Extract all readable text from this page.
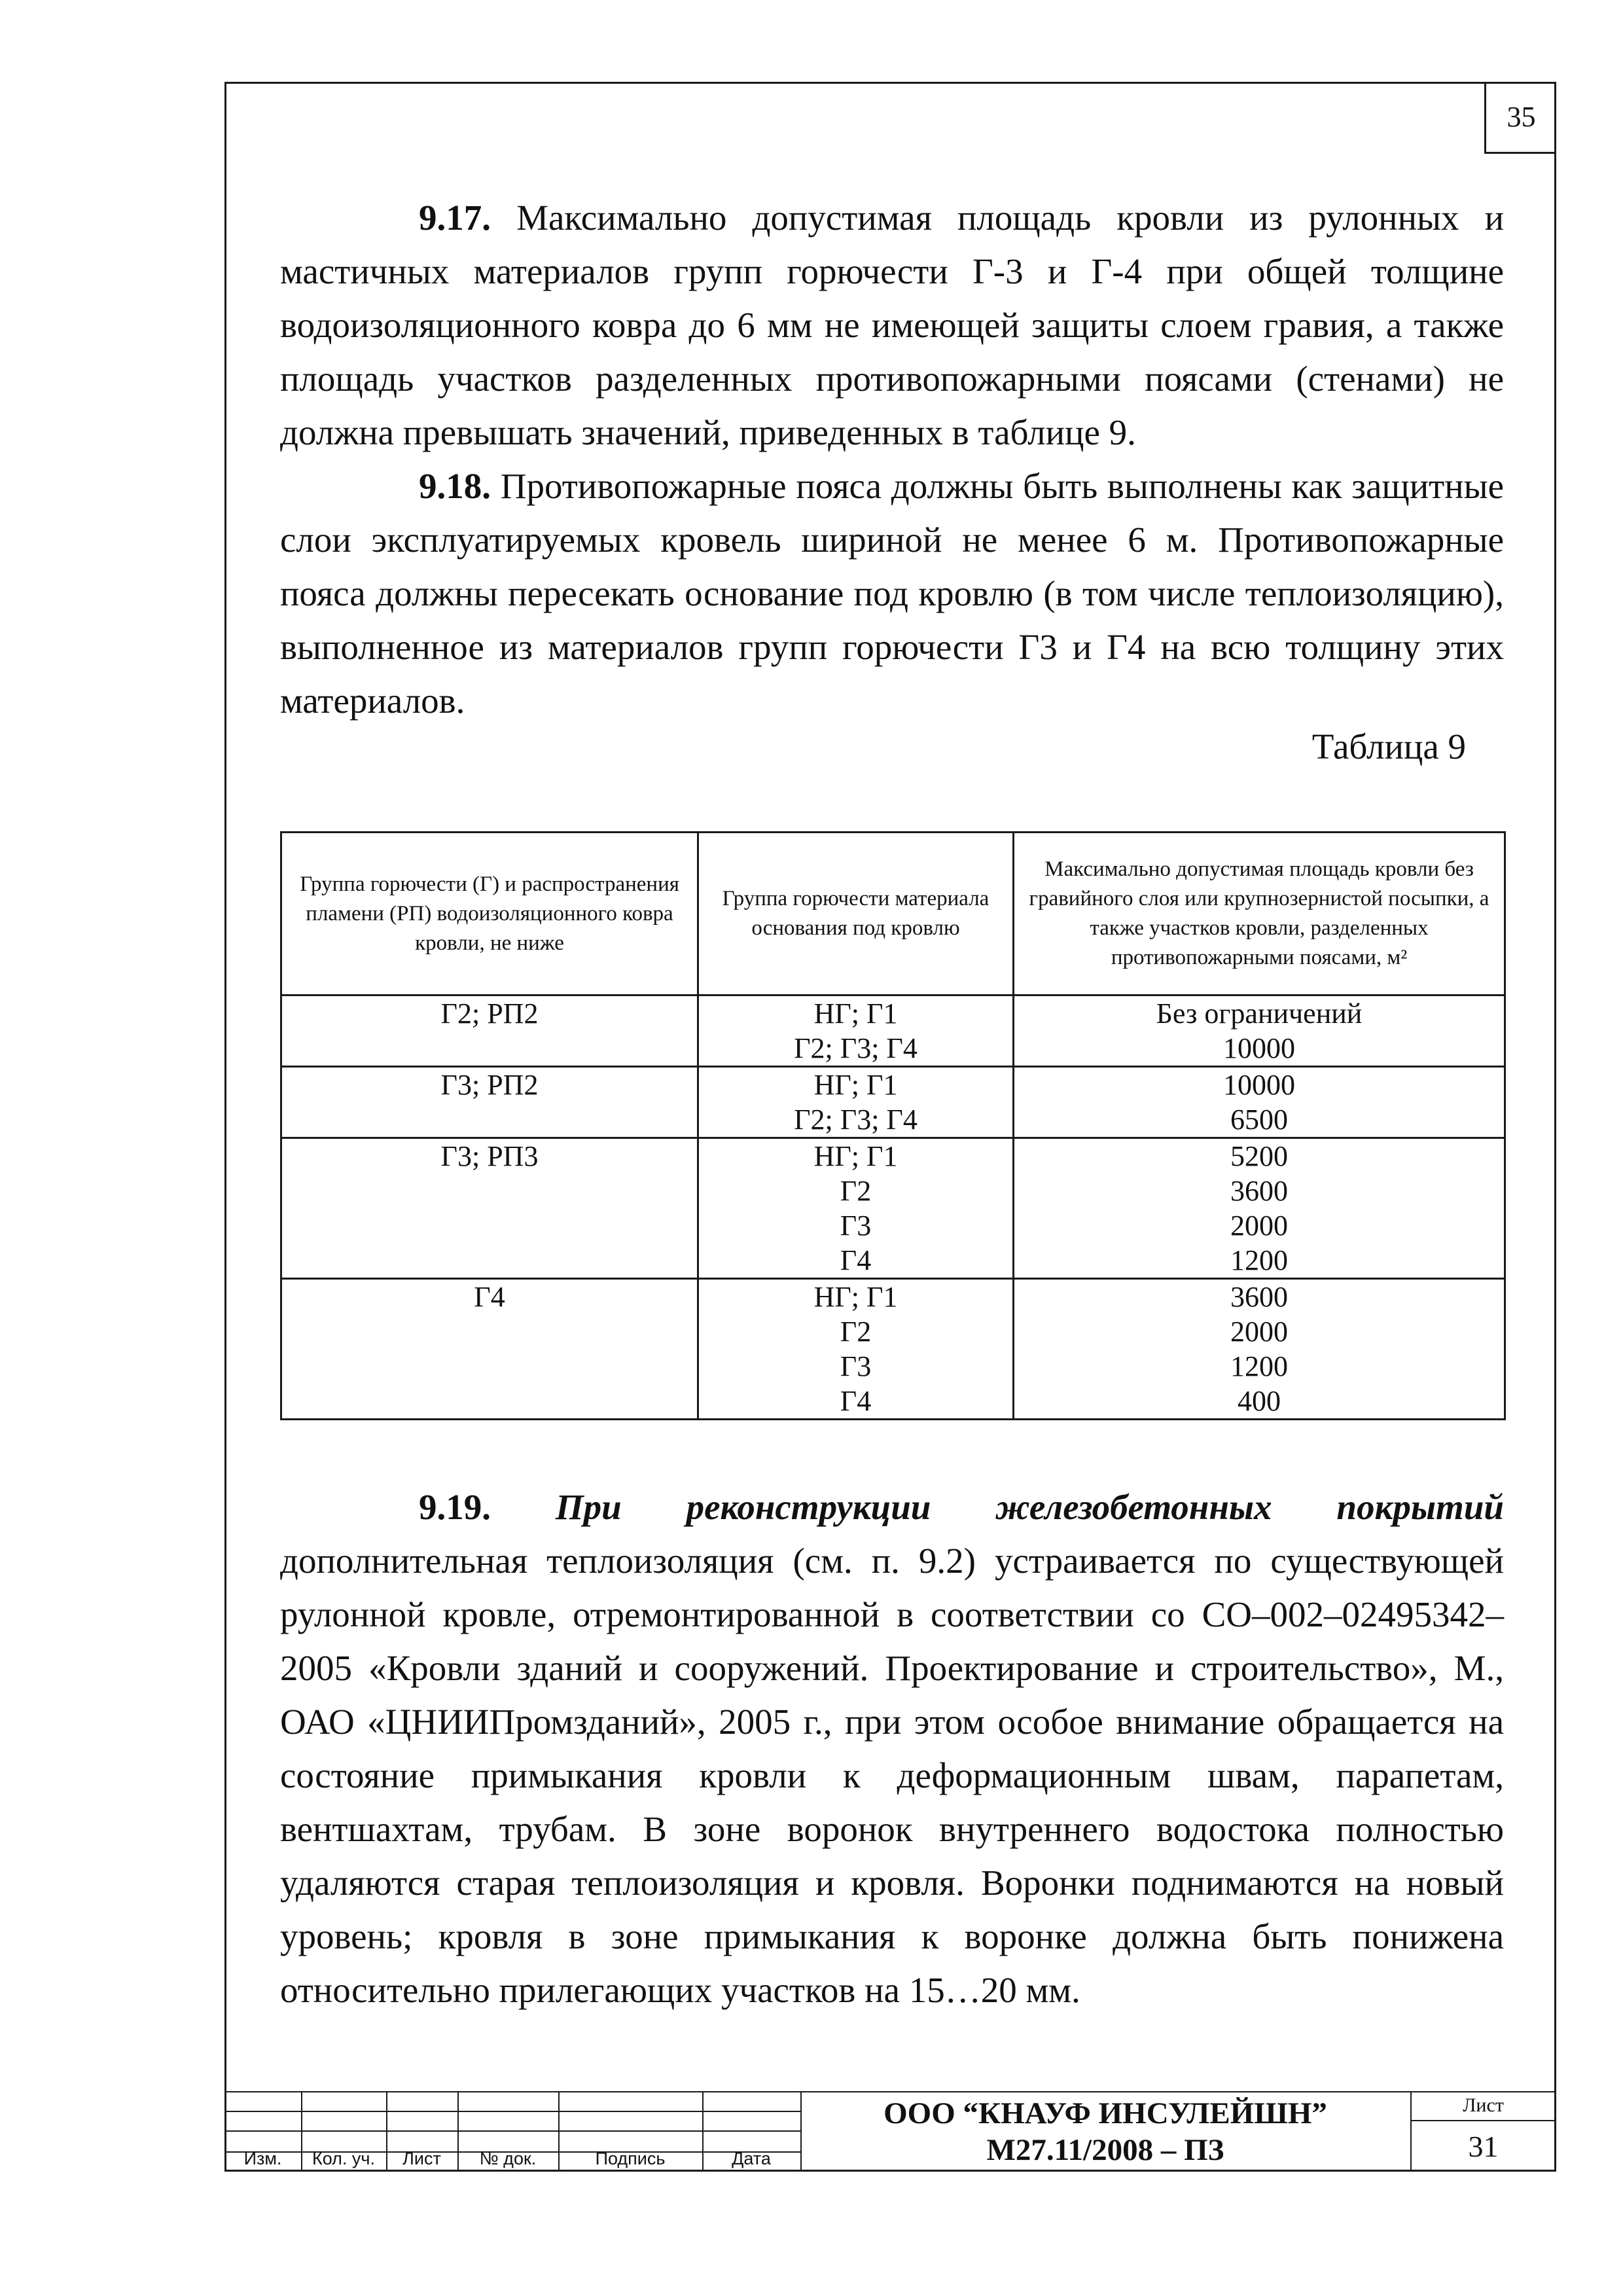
35

9.17. Максимально допустимая площадь кровли из рулонных и мастичных материалов групп горючести Г-3 и Г-4 при общей толщине водоизоляционного ковра до 6 мм не имеющей защиты слоем гравия, а также площадь участков разделенных противопожарными поясами (стенами) не должна превышать значений, приведенных в таблице 9.

9.18. Противопожарные пояса должны быть выполнены как защитные слои эксплуатируемых кровель шириной не менее 6 м. Противопожарные пояса должны пересекать основание под кровлю (в том числе теплоизоляцию), выполненное из материалов групп горючести Г3 и Г4 на всю толщину этих материалов.

Таблица 9
Группа горючести (Г) и распространения пламени (РП) водоизоляционного ковра кровли, не ниже	Группа горючести материала основания под кровлю	Максимально допустимая площадь кровли без гравийного слоя или крупнозернистой посыпки, а также участков кровли, разделенных противопожарными поясами, м²
Г2; РП2	НГ; Г1	Без ограничений
	Г2; Г3; Г4	10000
Г3; РП2	НГ; Г1	10000
	Г2; Г3; Г4	6500
Г3; РП3	НГ; Г1	5200
	Г2	3600
	Г3	2000
	Г4	1200
Г4	НГ; Г1	3600
	Г2	2000
	Г3	1200
	Г4	400

9.19. При реконструкции железобетонных покрытий дополнительная теплоизоляция (см. п. 9.2) устраивается по существующей рулонной кровле, отремонтированной в соответствии со СО–002–02495342–2005 «Кровли зданий и сооружений. Проектирование и строительство», М., ОАО «ЦНИИПромзданий», 2005 г., при этом особое внимание обращается на состояние примыкания кровли к деформационным швам, парапетам, вентшахтам, трубам. В зоне воронок внутреннего водостока полностью удаляются старая теплоизоляция и кровля. Воронки поднимаются на новый уровень; кровля в зоне примыкания к воронке должна быть понижена относительно прилегающих участков на 15…20 мм.

Изм.	Кол. уч.	Лист	№ док.	Подпись	Дата
ООО “КНАУФ ИНСУЛЕЙШН”
М27.11/2008 – ПЗ
Лист
31
